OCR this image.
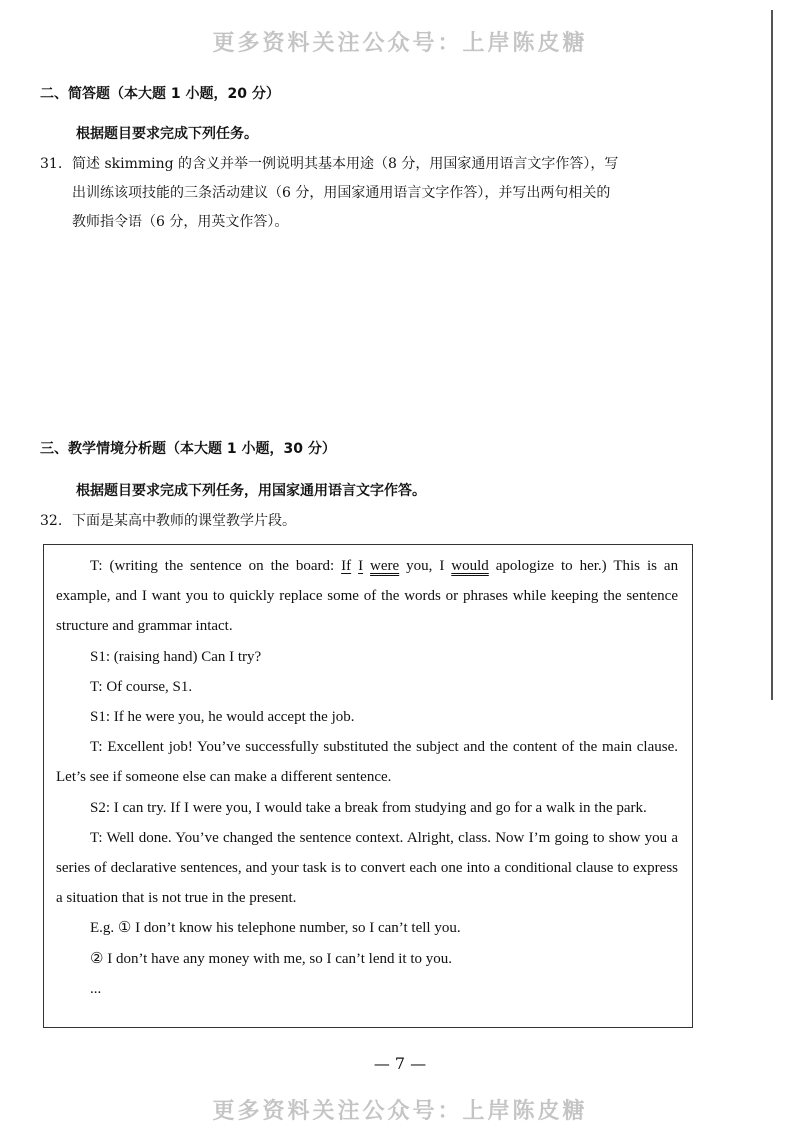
更多资料关注公众号：上岸陈皮糖
二、简答题（本大题 1 小题，20 分）
根据题目要求完成下列任务。
31. 简述 skimming 的含义并举一例说明其基本用途（8 分，用国家通用语言文字作答），写
出训练该项技能的三条活动建议（6 分，用国家通用语言文字作答），并写出两句相关的
教师指令语（6 分，用英文作答）。
三、教学情境分析题（本大题 1 小题，30 分）
根据题目要求完成下列任务，用国家通用语言文字作答。
32. 下面是某高中教师的课堂教学片段。

T: (writing the sentence on the board: If I were you, I would apologize to her.) This is an example, and I want you to quickly replace some of the words or phrases while keeping the sentence structure and grammar intact.

S1: (raising hand) Can I try?

T: Of course, S1.

S1: If he were you, he would accept the job.

T: Excellent job! You’ve successfully substituted the subject and the content of the main clause. Let’s see if someone else can make a different sentence.

S2: I can try. If I were you, I would take a break from studying and go for a walk in the park.

T: Well done. You’ve changed the sentence context. Alright, class. Now I’m going to show you a series of declarative sentences, and your task is to convert each one into a conditional clause to express a situation that is not true in the present.

E.g. ① I don’t know his telephone number, so I can’t tell you.

② I don’t have any money with me, so I can’t lend it to you.

...

— 7 —
更多资料关注公众号：上岸陈皮糖
